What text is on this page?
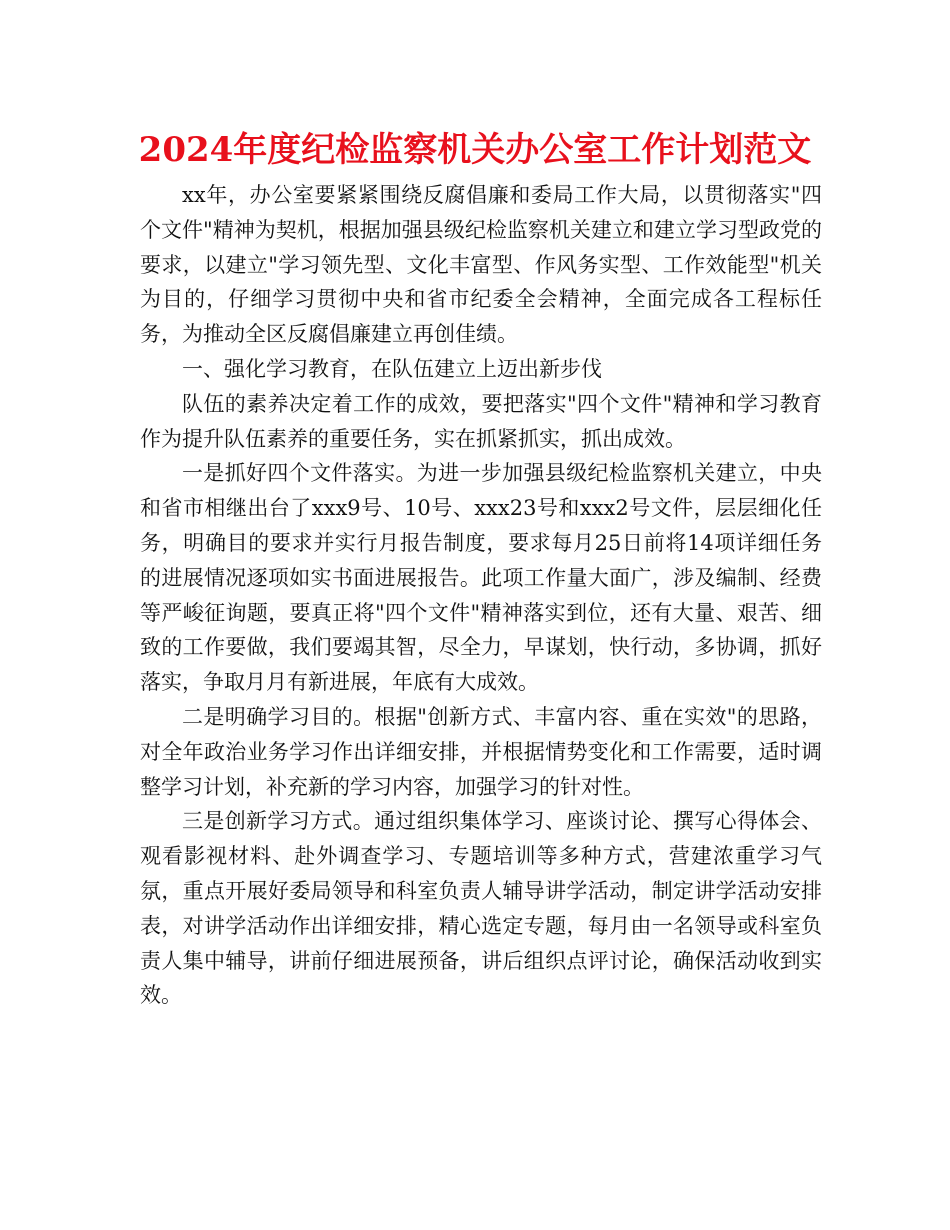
2024年度纪检监察机关办公室工作计划范文

xx年，办公室要紧紧围绕反腐倡廉和委局工作大局，以贯彻落实"四个文件"精神为契机，根据加强县级纪检监察机关建立和建立学习型政党的要求，以建立"学习领先型、文化丰富型、作风务实型、工作效能型"机关为目的，仔细学习贯彻中央和省市纪委全会精神，全面完成各工程标任务，为推动全区反腐倡廉建立再创佳绩。

一、强化学习教育，在队伍建立上迈出新步伐

队伍的素养决定着工作的成效，要把落实"四个文件"精神和学习教育作为提升队伍素养的重要任务，实在抓紧抓实，抓出成效。

一是抓好四个文件落实。为进一步加强县级纪检监察机关建立，中央和省市相继出台了xxx9号、10号、xxx23号和xxx2号文件，层层细化任务，明确目的要求并实行月报告制度，要求每月25日前将14项详细任务的进展情况逐项如实书面进展报告。此项工作量大面广，涉及编制、经费等严峻征询题，要真正将"四个文件"精神落实到位，还有大量、艰苦、细致的工作要做，我们要竭其智，尽全力，早谋划，快行动，多协调，抓好落实，争取月月有新进展，年底有大成效。

二是明确学习目的。根据"创新方式、丰富内容、重在实效"的思路，对全年政治业务学习作出详细安排，并根据情势变化和工作需要，适时调整学习计划，补充新的学习内容，加强学习的针对性。

三是创新学习方式。通过组织集体学习、座谈讨论、撰写心得体会、观看影视材料、赴外调查学习、专题培训等多种方式，营建浓重学习气氛，重点开展好委局领导和科室负责人辅导讲学活动，制定讲学活动安排表，对讲学活动作出详细安排，精心选定专题，每月由一名领导或科室负责人集中辅导，讲前仔细进展预备，讲后组织点评讨论，确保活动收到实效。
